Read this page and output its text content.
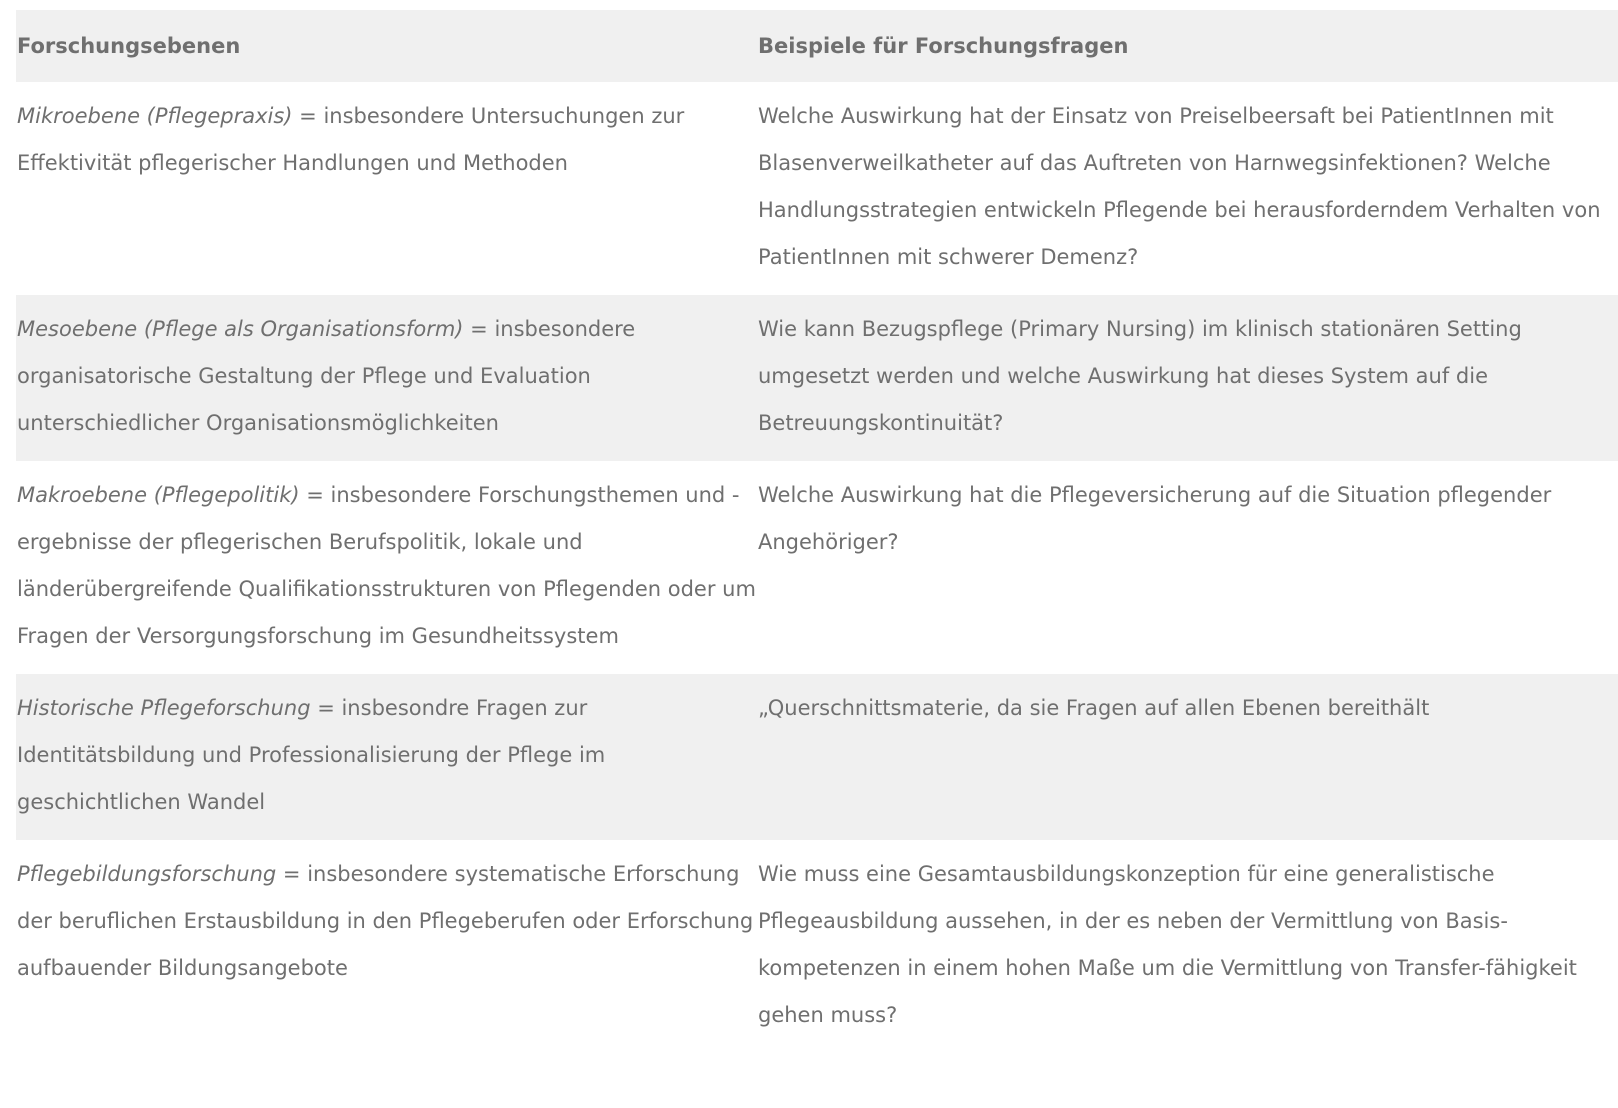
Forschungsebenen	Beispiele für Forschungsfragen
Mikroebene (Pflegepraxis) = insbesondere Untersuchungen zur Effektivität pflegerischer Handlungen und Methoden
Welche Auswirkung hat der Einsatz von Preiselbeersaft bei PatientInnen mit Blasenverweilkatheter auf das Auftreten von Harnwegsinfektionen? Welche Handlungsstrategien entwickeln Pflegende bei herausforderndem Verhalten von PatientInnen mit schwerer Demenz?
Mesoebene (Pflege als Organisationsform) = insbesondere organisatorische Gestaltung der Pflege und Evaluation unterschiedlicher Organisationsmöglichkeiten
Wie kann Bezugspflege (Primary Nursing) im klinisch stationären Setting umgesetzt werden und welche Auswirkung hat dieses System auf die Betreuungskontinuität?
Makroebene (Pflegepolitik) = insbesondere Forschungsthemen und -ergebnisse der pflegerischen Berufspolitik, lokale und länderübergreifende Qualifikationsstrukturen von Pflegenden oder um Fragen der Versorgungsforschung im Gesundheitssystem
Welche Auswirkung hat die Pflegeversicherung auf die Situation pflegender Angehöriger?
Historische Pflegeforschung = insbesondre Fragen zur Identitätsbildung und Professionalisierung der Pflege im geschichtlichen Wandel
„Querschnittsmaterie, da sie Fragen auf allen Ebenen bereithält
Pflegebildungsforschung = insbesondere systematische Erforschung der beruflichen Erstausbildung in den Pflegeberufen oder Erforschung aufbauender Bildungsangebote
Wie muss eine Gesamtausbildungskonzeption für eine generalistische Pflegeausbildung aussehen, in der es neben der Vermittlung von Basis-kompetenzen in einem hohen Maße um die Vermittlung von Transfer-fähigkeit gehen muss?
